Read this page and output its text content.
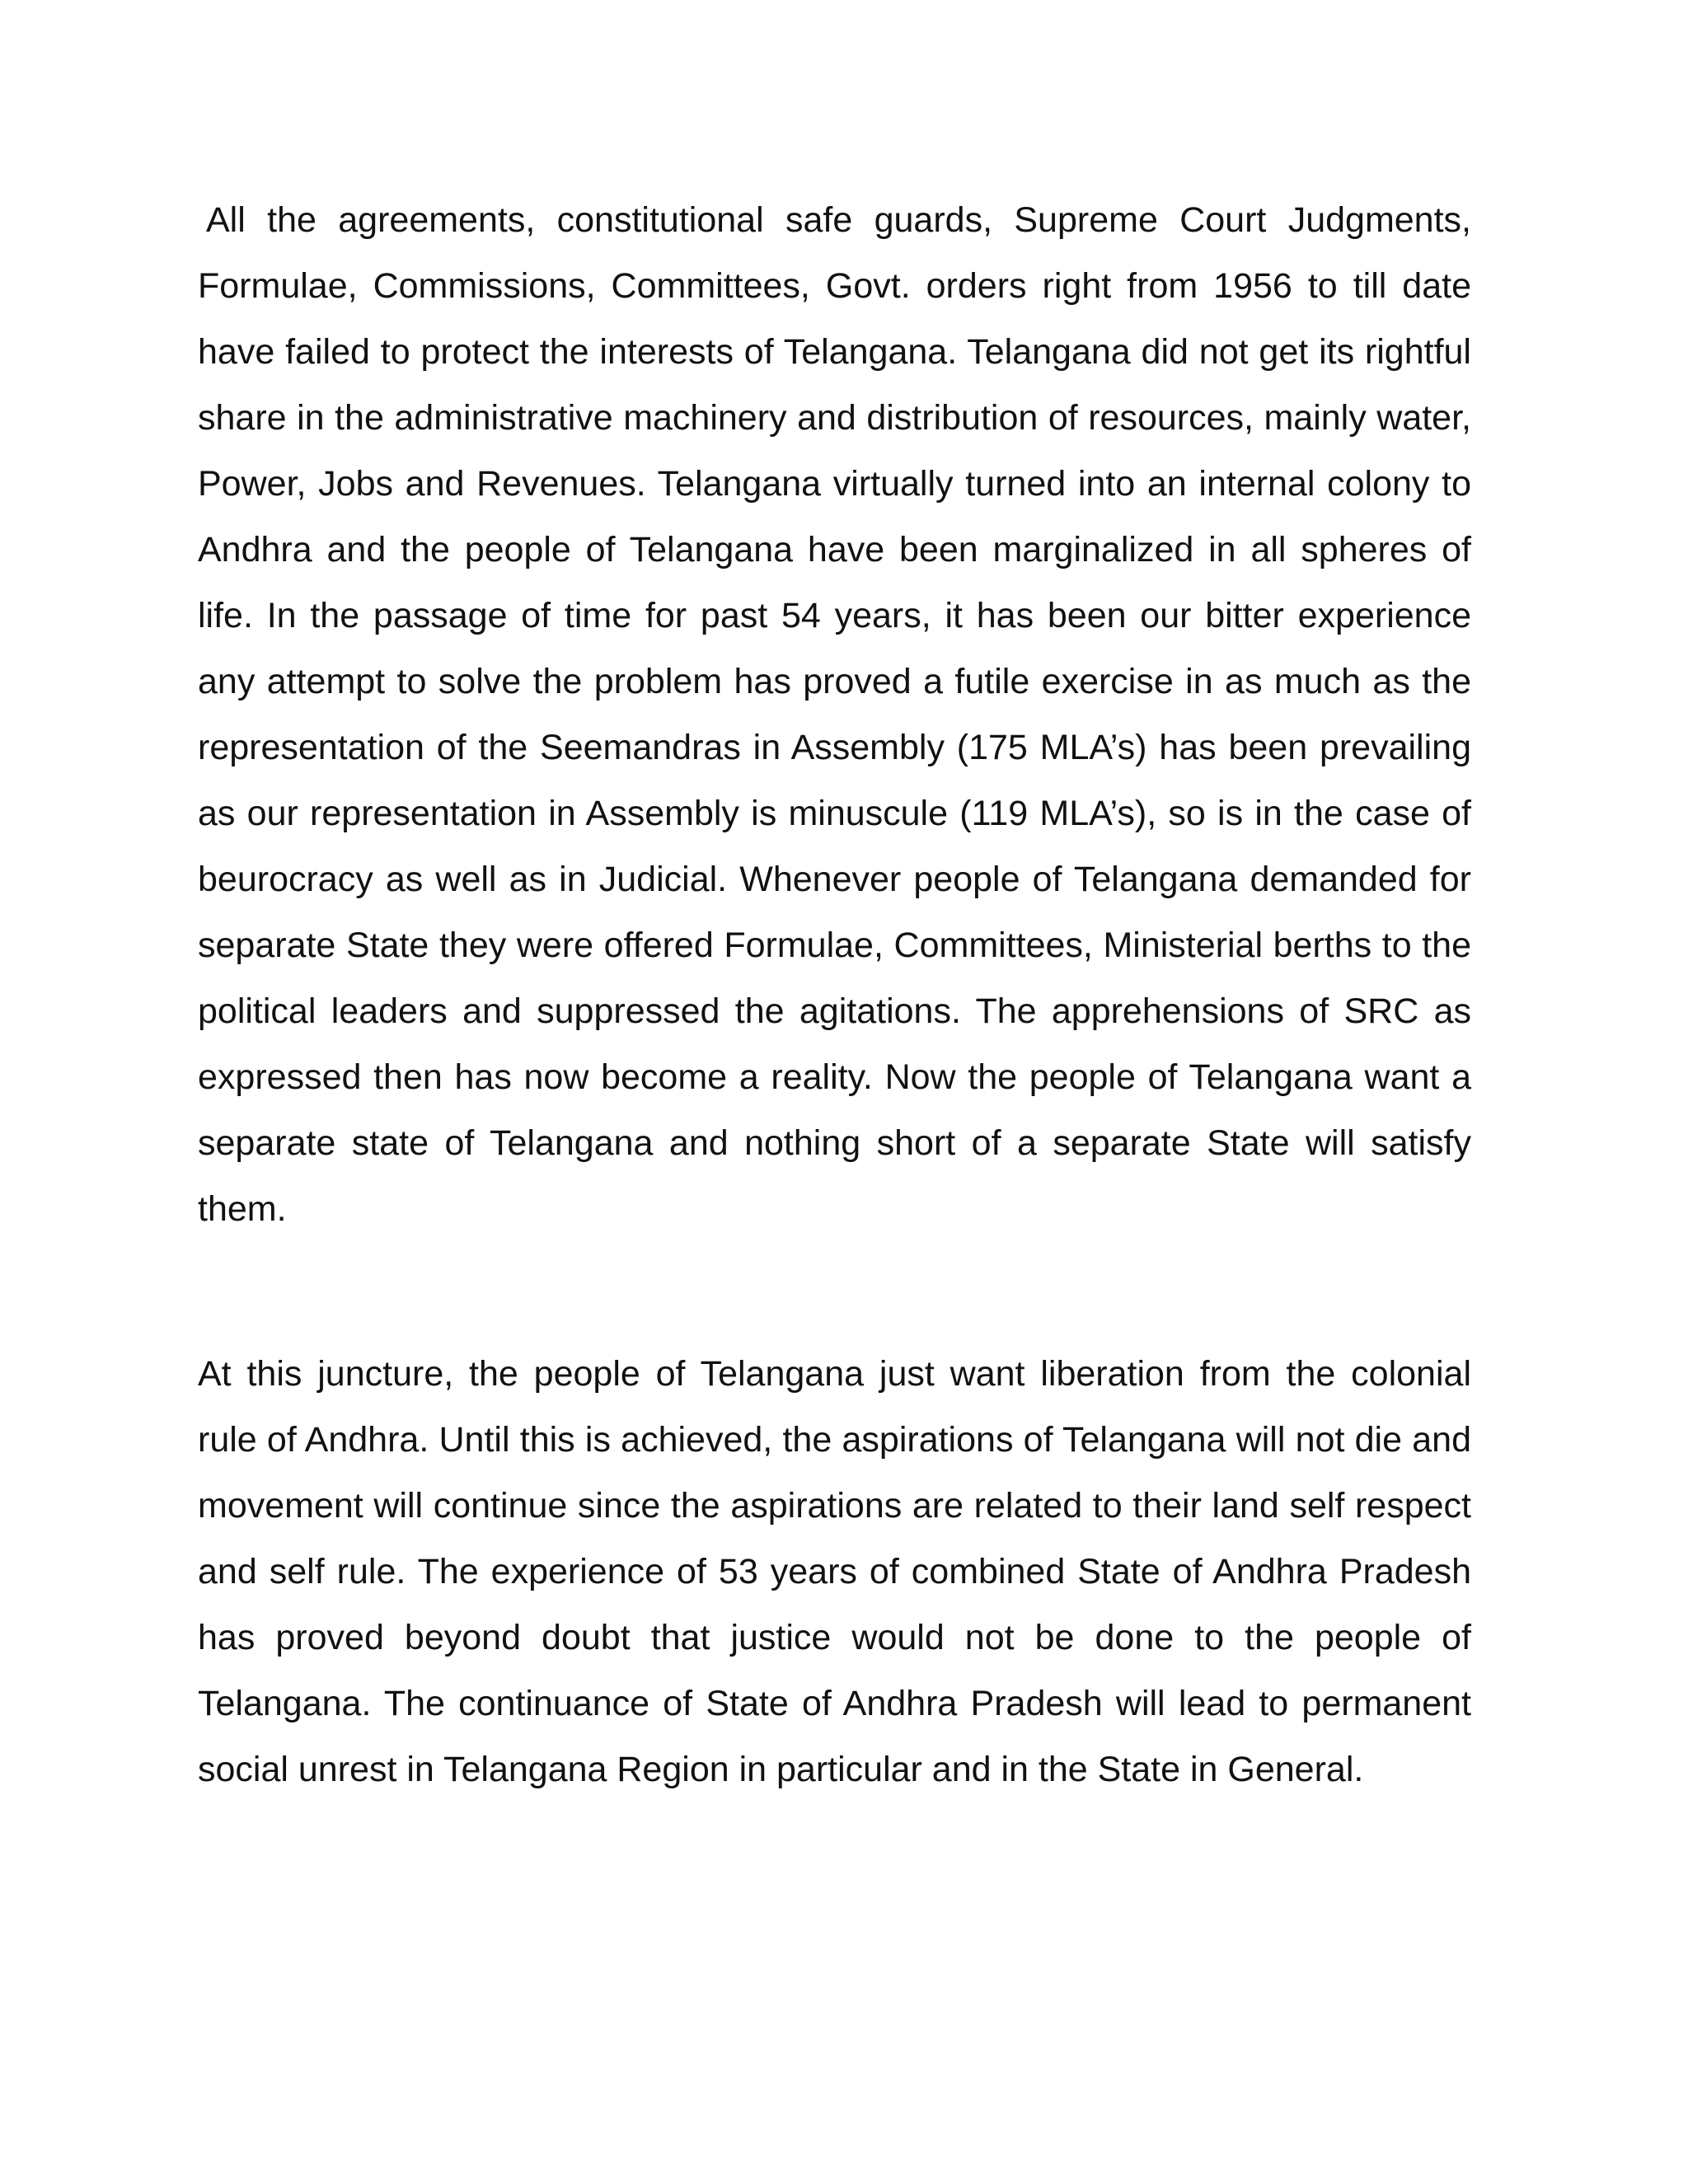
All the agreements, constitutional safe guards, Supreme Court Judgments, Formulae, Commissions, Committees, Govt. orders right from 1956 to till date have failed to protect the interests of Telangana. Telangana did not get its rightful share in the administrative machinery and distribution of resources, mainly water, Power, Jobs and Revenues. Telangana virtually turned into an internal colony to Andhra and the people of Telangana have been marginalized in all spheres of life. In the passage of time for past 54 years, it has been our bitter experience any attempt to solve the problem has proved a futile exercise in as much as the representation of the Seemandras in Assembly (175 MLA’s) has been prevailing as our representation in Assembly is minuscule (119 MLA’s), so is in the case of beurocracy as well as in Judicial. Whenever people of Telangana demanded for separate State they were offered Formulae, Committees, Ministerial berths to the political leaders and suppressed the agitations. The apprehensions of SRC as expressed then has now become a reality. Now the people of Telangana want a separate state of Telangana and nothing short of a separate State will satisfy them.

At this juncture, the people of Telangana just want liberation from the colonial rule of Andhra. Until this is achieved, the aspirations of Telangana will not die and movement will continue since the aspirations are related to their land self respect and self rule. The experience of 53 years of combined State of Andhra Pradesh has proved beyond doubt that justice would not be done to the people of Telangana. The continuance of State of Andhra Pradesh will lead to permanent social unrest in Telangana Region in particular and in the State in General.
